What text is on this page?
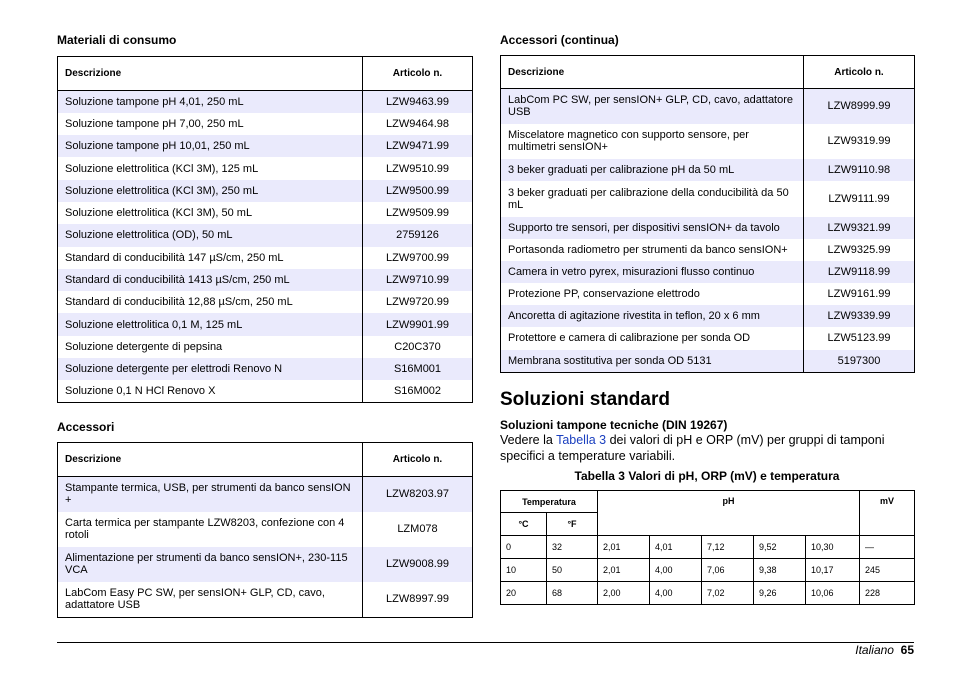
Materiali di consumo
Descrizione	Articolo n.
Soluzione tampone pH 4,01, 250 mL	LZW9463.99
Soluzione tampone pH 7,00, 250 mL	LZW9464.98
Soluzione tampone pH 10,01, 250 mL	LZW9471.99
Soluzione elettrolitica (KCl 3M), 125 mL	LZW9510.99
Soluzione elettrolitica (KCl 3M), 250 mL	LZW9500.99
Soluzione elettrolitica (KCl 3M), 50 mL	LZW9509.99
Soluzione elettrolitica (OD), 50 mL	2759126
Standard di conducibilità 147 µS/cm, 250 mL	LZW9700.99
Standard di conducibilità 1413 µS/cm, 250 mL	LZW9710.99
Standard di conducibilità 12,88 µS/cm, 250 mL	LZW9720.99
Soluzione elettrolitica 0,1 M, 125 mL	LZW9901.99
Soluzione detergente di pepsina	C20C370
Soluzione detergente per elettrodi Renovo N	S16M001
Soluzione 0,1 N HCl Renovo X	S16M002
Accessori
Descrizione	Articolo n.
Stampante termica, USB, per strumenti da banco sensION +	LZW8203.97
Carta termica per stampante LZW8203, confezione con 4 rotoli	LZM078
Alimentazione per strumenti da banco sensION+, 230-115 VCA	LZW9008.99
LabCom Easy PC SW, per sensION+ GLP, CD, cavo, adattatore USB	LZW8997.99
Accessori (continua)
Descrizione	Articolo n.
LabCom PC SW, per sensION+ GLP, CD, cavo, adattatore USB	LZW8999.99
Miscelatore magnetico con supporto sensore, per multimetri sensION+	LZW9319.99
3 beker graduati per calibrazione pH da 50 mL	LZW9110.98
3 beker graduati per calibrazione della conducibilità da 50 mL	LZW9111.99
Supporto tre sensori, per dispositivi sensION+ da tavolo	LZW9321.99
Portasonda radiometro per strumenti da banco sensION+	LZW9325.99
Camera in vetro pyrex, misurazioni flusso continuo	LZW9118.99
Protezione PP, conservazione elettrodo	LZW9161.99
Ancoretta di agitazione rivestita in teflon, 20 x 6 mm	LZW9339.99
Protettore e camera di calibrazione per sonda OD	LZW5123.99
Membrana sostitutiva per sonda OD 5131	5197300
Soluzioni standard
Soluzioni tampone tecniche (DIN 19267)
Vedere la Tabella 3 dei valori di pH e ORP (mV) per gruppi di tamponi specifici a temperature variabili.
Tabella 3 Valori di pH, ORP (mV) e temperatura
Temperatura		pH					mV
°C	°F						
0	32	2,01	4,01	7,12	9,52	10,30	—
10	50	2,01	4,00	7,06	9,38	10,17	245
20	68	2,00	4,00	7,02	9,26	10,06	228
Italiano 65
